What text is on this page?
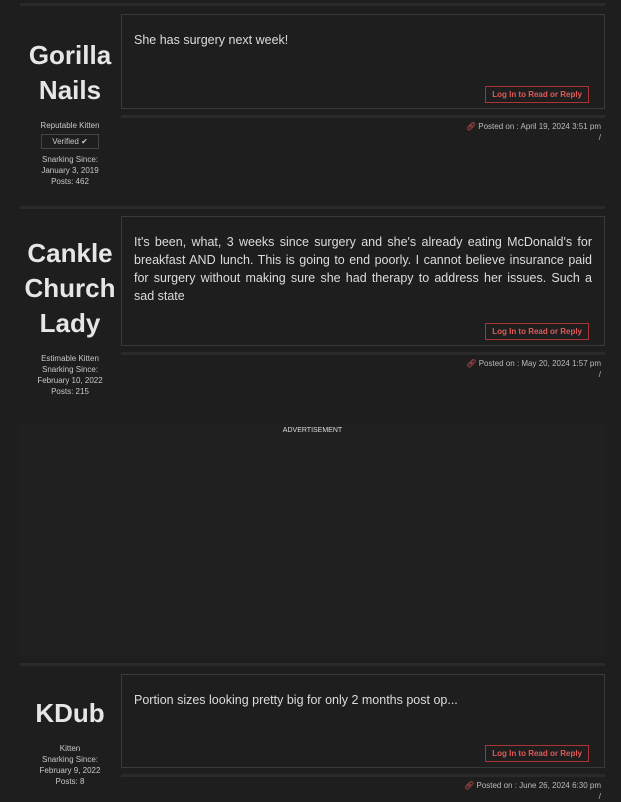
GorillaNails
Reputable Kitten
Verified ✔
Snarking Since:
January 3, 2019
Posts: 462
She has surgery next week!
Log In to Read or Reply
🔗︎ Posted on : April 19, 2024 3:51 pm
/
Cankle Church Lady
Estimable Kitten
Snarking Since:
February 10, 2022
Posts: 215
It's been, what, 3 weeks since surgery and she's already eating McDonald's for breakfast AND lunch. This is going to end poorly. I cannot believe insurance paid for surgery without making sure she had therapy to address her issues. Such a sad state
Log In to Read or Reply
🔗︎ Posted on : May 20, 2024 1:57 pm
/
ADVERTISEMENT
KDub
Kitten
Snarking Since:
February 9, 2022
Posts: 8
Portion sizes looking pretty big for only 2 months post op...
Log In to Read or Reply
🔗︎ Posted on : June 26, 2024 6:30 pm
/
